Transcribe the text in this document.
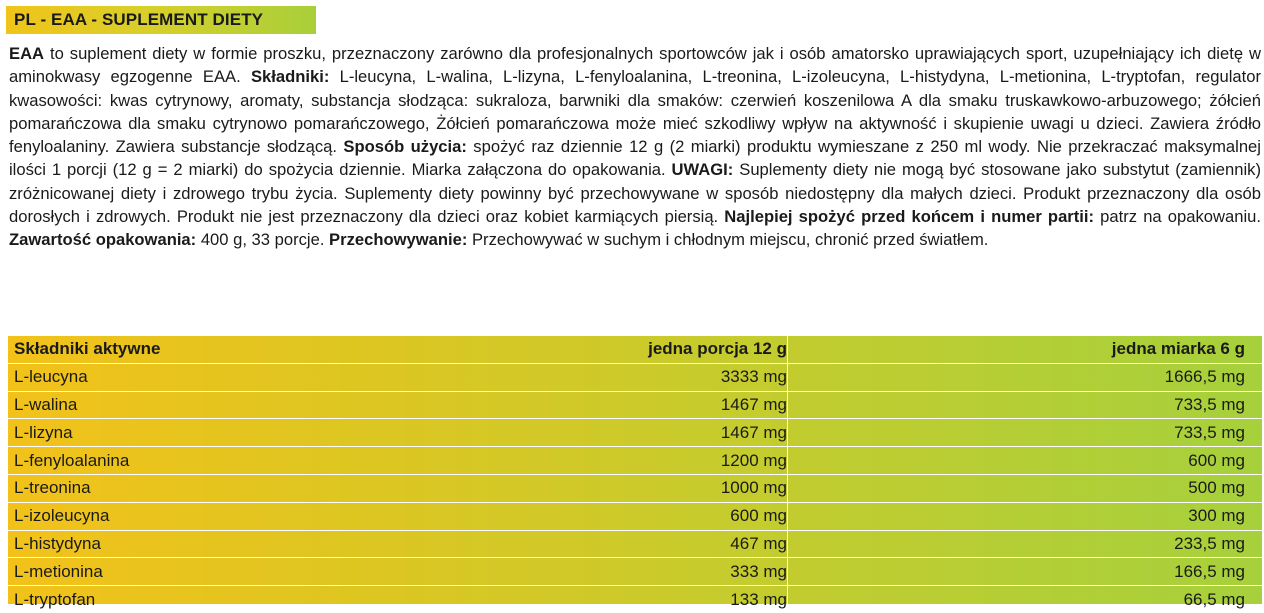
PL - EAA - SUPLEMENT DIETY

EAA to suplement diety w formie proszku, przeznaczony zarówno dla profesjonalnych sportowców jak i osób amatorsko uprawiających sport, uzupełniający ich dietę w aminokwasy egzogenne EAA. Składniki: L-leucyna, L-walina, L-lizyna, L-fenyloalanina, L-treonina, L-izoleucyna, L-histydyna, L-metionina, L-tryptofan, regulator kwasowości: kwas cytrynowy, aromaty, substancja słodząca: sukraloza, barwniki dla smaków: czerwień koszenilowa A dla smaku truskawkowo-arbuzowego; żółcień pomarańczowa dla smaku cytrynowo pomarańczowego, Żółcień pomarańczowa może mieć szkodliwy wpływ na aktywność i skupienie uwagi u dzieci. Zawiera źródło fenyloalaniny. Zawiera substancje słodzącą. Sposób użycia: spożyć raz dziennie 12 g (2 miarki) produktu wymieszane z 250 ml wody. Nie przekraczać maksymalnej ilości 1 porcji (12 g = 2 miarki) do spożycia dziennie. Miarka załączona do opakowania. UWAGI: Suplementy diety nie mogą być stosowane jako substytut (zamiennik) zróżnicowanej diety i zdrowego trybu życia. Suplementy diety powinny być przechowywane w sposób niedostępny dla małych dzieci. Produkt przeznaczony dla osób dorosłych i zdrowych. Produkt nie jest przeznaczony dla dzieci oraz kobiet karmiących piersią. Najlepiej spożyć przed końcem i numer partii: patrz na opakowaniu. Zawartość opakowania: 400 g, 33 porcje. Przechowywanie: Przechowywać w suchym i chłodnym miejscu, chronić przed światłem.

Składniki aktywne	jedna porcja 12 g	jedna miarka 6 g
L-leucyna	3333 mg	1666,5 mg
L-walina	1467 mg	733,5 mg
L-lizyna	1467 mg	733,5 mg
L-fenyloalanina	1200 mg	600 mg
L-treonina	1000 mg	500 mg
L-izoleucyna	600 mg	300 mg
L-histydyna	467 mg	233,5 mg
L-metionina	333 mg	166,5 mg
L-tryptofan	133 mg	66,5 mg
